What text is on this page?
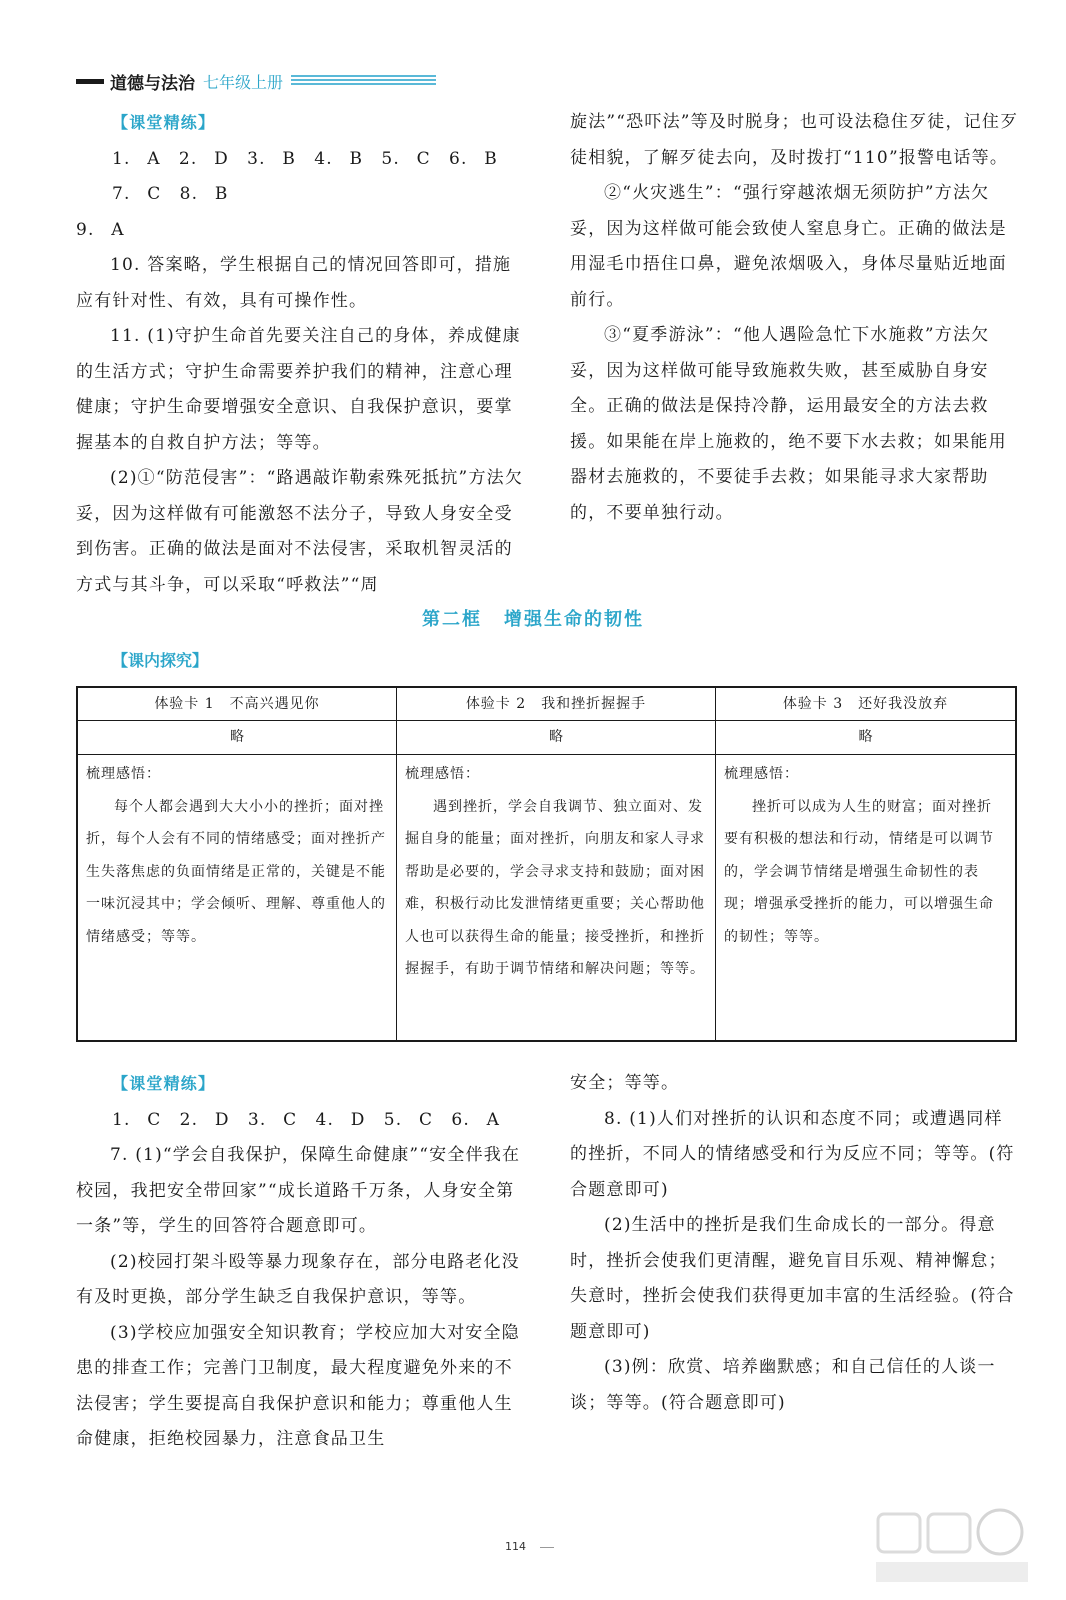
道德与法治 七年级上册

【课堂精练】

1. A　2. D　3. B　4. B　5. C　6. B　7. C　8. B

9. A

10. 答案略，学生根据自己的情况回答即可，措施应有针对性、有效，具有可操作性。

11. (1)守护生命首先要关注自己的身体，养成健康的生活方式；守护生命需要养护我们的精神，注意心理健康；守护生命要增强安全意识、自我保护意识，要掌握基本的自救自护方法；等等。

(2)①“防范侵害”：“路遇敲诈勒索殊死抵抗”方法欠妥，因为这样做有可能激怒不法分子，导致人身安全受到伤害。正确的做法是面对不法侵害，采取机智灵活的方式与其斗争，可以采取“呼救法”“周

旋法”“恐吓法”等及时脱身；也可设法稳住歹徒，记住歹徒相貌，了解歹徒去向，及时拨打“110”报警电话等。

②“火灾逃生”：“强行穿越浓烟无须防护”方法欠妥，因为这样做可能会致使人窒息身亡。正确的做法是用湿毛巾捂住口鼻，避免浓烟吸入，身体尽量贴近地面前行。

③“夏季游泳”：“他人遇险急忙下水施救”方法欠妥，因为这样做可能导致施救失败，甚至威胁自身安全。正确的做法是保持冷静，运用最安全的方法去救援。如果能在岸上施救的，绝不要下水去救；如果能用器材去施救的，不要徒手去救；如果能寻求大家帮助的，不要单独行动。

第二框 增强生命的韧性
【课内探究】
体验卡 1　不高兴遇见你	体验卡 2　我和挫折握握手	体验卡 3　还好我没放弃
略	略	略

梳理感悟：

每个人都会遇到大大小小的挫折；面对挫折，每个人会有不同的情绪感受；面对挫折产生失落焦虑的负面情绪是正常的，关键是不能一味沉浸其中；学会倾听、理解、尊重他人的情绪感受；等等。

梳理感悟：

遇到挫折，学会自我调节、独立面对、发掘自身的能量；面对挫折，向朋友和家人寻求帮助是必要的，学会寻求支持和鼓励；面对困难，积极行动比发泄情绪更重要；关心帮助他人也可以获得生命的能量；接受挫折，和挫折握握手，有助于调节情绪和解决问题；等等。

梳理感悟：

挫折可以成为人生的财富；面对挫折要有积极的想法和行动，情绪是可以调节的，学会调节情绪是增强生命韧性的表现；增强承受挫折的能力，可以增强生命的韧性；等等。

【课堂精练】

1. C　2. D　3. C　4. D　5. C　6. A

7. (1)“学会自我保护，保障生命健康”“安全伴我在校园，我把安全带回家”“成长道路千万条，人身安全第一条”等，学生的回答符合题意即可。

(2)校园打架斗殴等暴力现象存在，部分电路老化没有及时更换，部分学生缺乏自我保护意识，等等。

(3)学校应加强安全知识教育；学校应加大对安全隐患的排查工作；完善门卫制度，最大程度避免外来的不法侵害；学生要提高自我保护意识和能力；尊重他人生命健康，拒绝校园暴力，注意食品卫生

安全；等等。

8. (1)人们对挫折的认识和态度不同；或遭遇同样的挫折，不同人的情绪感受和行为反应不同；等等。(符合题意即可)

(2)生活中的挫折是我们生命成长的一部分。得意时，挫折会使我们更清醒，避免盲目乐观、精神懈怠；失意时，挫折会使我们获得更加丰富的生活经验。(符合题意即可)

(3)例：欣赏、培养幽默感；和自己信任的人谈一谈；等等。(符合题意即可)

114
